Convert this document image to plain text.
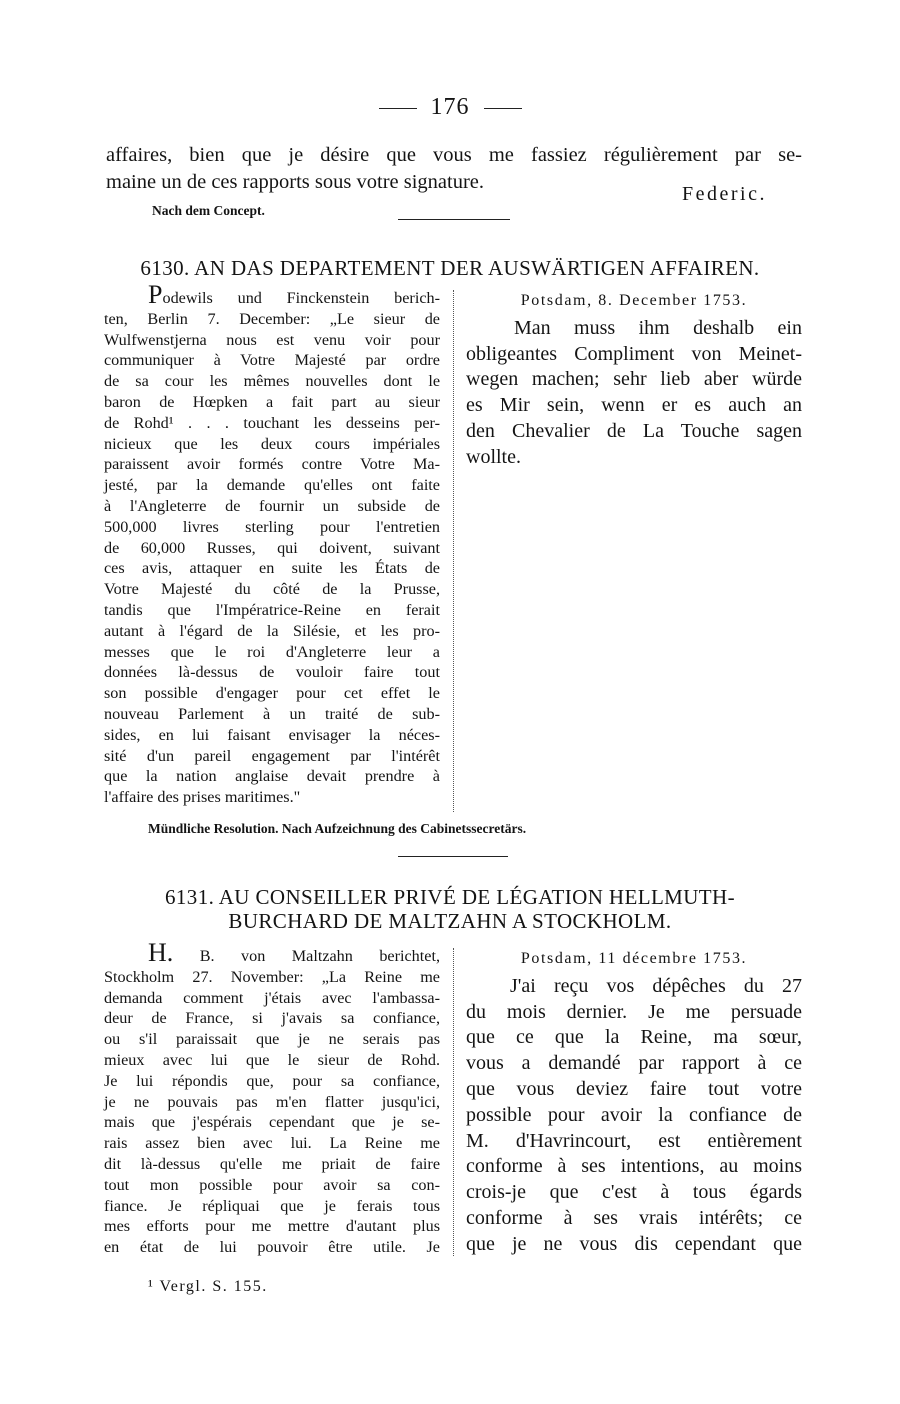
176
affaires, bien que je désire que vous me fassiez régulièrement par se-
maine un de ces rapports sous votre signature.
Federic.
Nach dem Concept.
6130. AN DAS DEPARTEMENT DER AUSWÄRTIGEN AFFAIREN.
Podewils und Finckenstein berich-
ten, Berlin 7. December: „Le sieur de
Wulfwenstjerna nous est venu voir pour
communiquer à Votre Majesté par ordre
de sa cour les mêmes nouvelles dont le
baron de Hœpken a fait part au sieur
de Rohd¹ . . . touchant les desseins per-
nicieux que les deux cours impériales
paraissent avoir formés contre Votre Ma-
jesté, par la demande qu'elles ont faite
à l'Angleterre de fournir un subside de
500,000 livres sterling pour l'entretien
de 60,000 Russes, qui doivent, suivant
ces avis, attaquer en suite les États de
Votre Majesté du côté de la Prusse,
tandis que l'Impératrice-Reine en ferait
autant à l'égard de la Silésie, et les pro-
messes que le roi d'Angleterre leur a
données là-dessus de vouloir faire tout
son possible d'engager pour cet effet le
nouveau Parlement à un traité de sub-
sides, en lui faisant envisager la néces-
sité d'un pareil engagement par l'intérêt
que la nation anglaise devait prendre à
l'affaire des prises maritimes."
Potsdam, 8. December 1753.
Man muss ihm deshalb ein
obligeantes Compliment von Meinet-
wegen machen; sehr lieb aber würde
es Mir sein, wenn er es auch an
den Chevalier de La Touche sagen
wollte.
Mündliche Resolution. Nach Aufzeichnung des Cabinetssecretärs.
6131. AU CONSEILLER PRIVÉ DE LÉGATION HELLMUTH-
BURCHARD DE MALTZAHN A STOCKHOLM.
H. B. von Maltzahn berichtet,
Stockholm 27. November: „La Reine me
demanda comment j'étais avec l'ambassa-
deur de France, si j'avais sa confiance,
ou s'il paraissait que je ne serais pas
mieux avec lui que le sieur de Rohd.
Je lui répondis que, pour sa confiance,
je ne pouvais pas m'en flatter jusqu'ici,
mais que j'espérais cependant que je se-
rais assez bien avec lui. La Reine me
dit là-dessus qu'elle me priait de faire
tout mon possible pour avoir sa con-
fiance. Je répliquai que je ferais tous
mes efforts pour me mettre d'autant plus
en état de lui pouvoir être utile. Je
Potsdam, 11 décembre 1753.
J'ai reçu vos dépêches du 27
du mois dernier. Je me persuade
que ce que la Reine, ma sœur,
vous a demandé par rapport à ce
que vous deviez faire tout votre
possible pour avoir la confiance de
M. d'Havrincourt, est entièrement
conforme à ses intentions, au moins
crois-je que c'est à tous égards
conforme à ses vrais intérêts; ce
que je ne vous dis cependant que
¹ Vergl. S. 155.
